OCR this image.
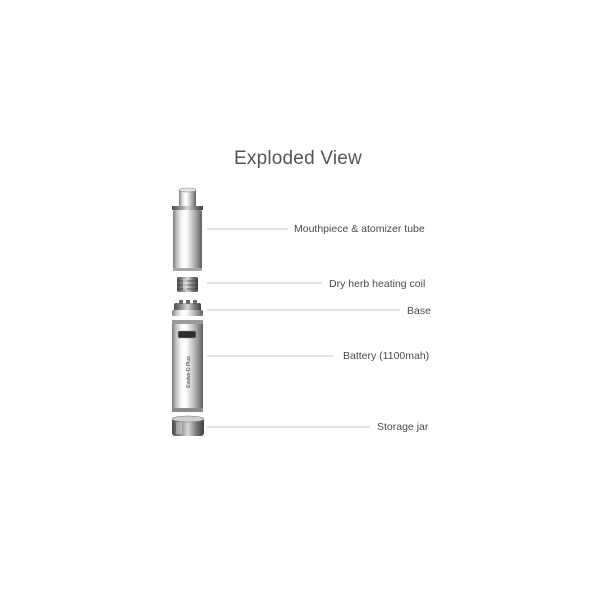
Exploded View
Evolve-D Plus
Mouthpiece & atomizer tube
Dry herb heating coil
Base
Battery (1100mah)
Storage jar
